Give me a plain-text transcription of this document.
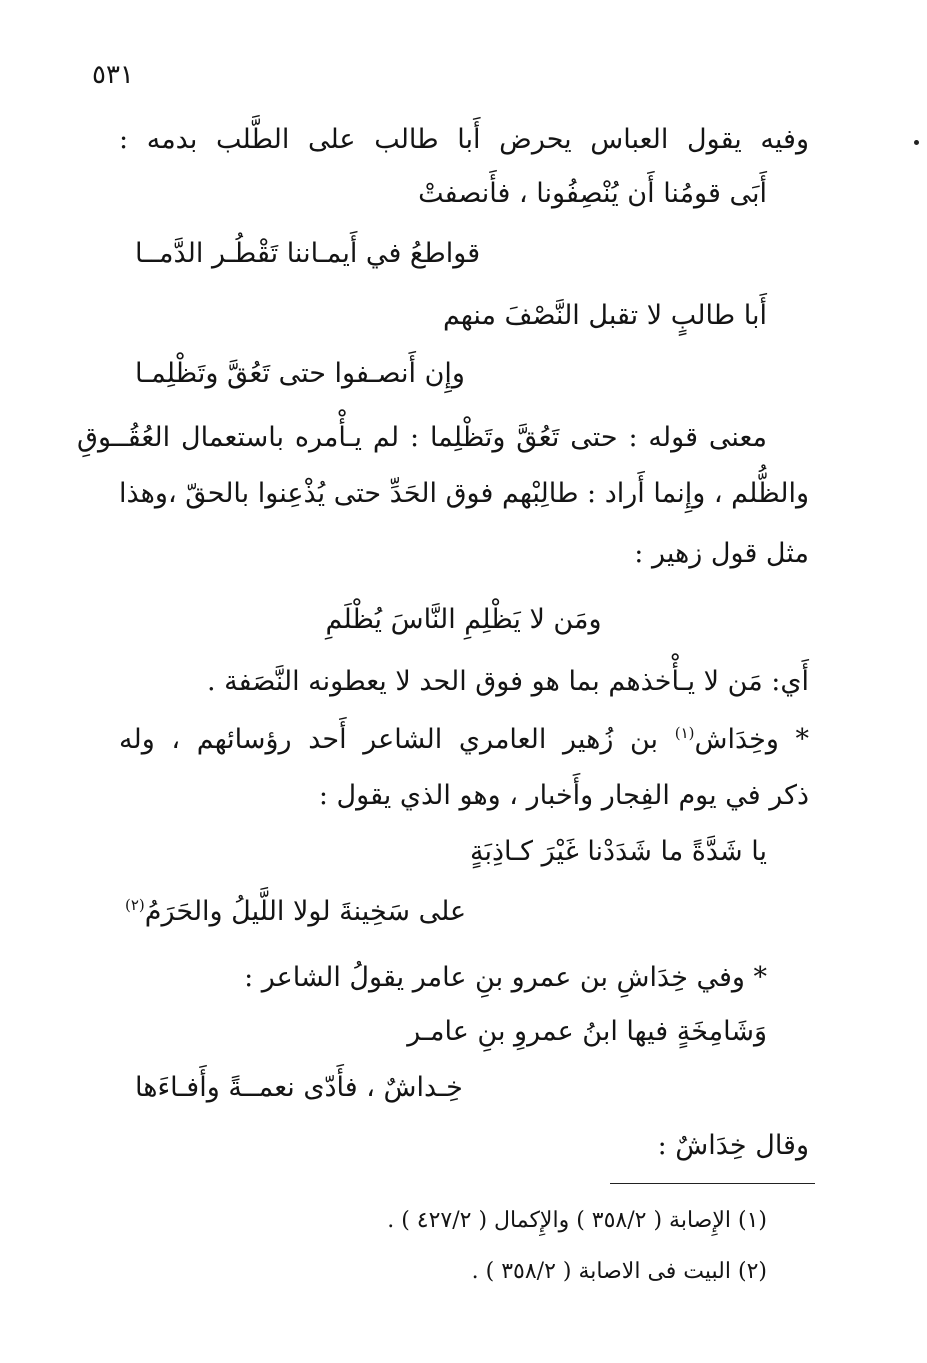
٥٣١
وفيه يقول العباس يحرض أَبا طالب على الطَّلب بدمه :
أَبَى قومُنا أَن يُنْصِفُونا ، فأَنصفتْ
قواطعُ في أَيمـاننا تَقْطُـر الدَّمــا
أَبا طالبٍ لا تقبل النَّصْفَ منهم
وإِن أَنصـفوا حتى تَعُقَّ وتَظْلِمـا
معنى قوله : حتى تَعُقَّ وتَظْلِما : لم يـأْمره باستعمال العُقُــوقِ
والظُّلم ، وإِنما أَراد : طالِبْهم فوق الحَدِّ حتى يُذْعِنوا بالحقّ ،وهذا
مثل قول زهير :
ومَن لا يَظْلِمِ النَّاسَ يُظْلَمِ
أَي: مَن لا يـأْخذهم بما هو فوق الحد لا يعطونه النَّصَفة .
* وخِدَاش$^{(١)}$ بن زُهير العامري الشاعر أَحد رؤسائهم ، وله
ذكر في يوم الفِجار وأَخبار ، وهو الذي يقول :
يا شَدَّةً ما شَدَدْنا غَيْرَ كـاذِبَةٍ
على سَخِينةَ لولا اللَّيلُ والحَرَمُ$^{(٢)}$
* وفي خِدَاشِ بن عمرو بنِ عامر يقولُ الشاعر :
وَشَامِخَةٍ فيها ابنُ عمروِ بنِ عامـر
خِـداشٌ ، فأَدّى نعمــةً وأَفـاءَها
وقال خِدَاشٌ :
(١) الإِصابة ( ٣٥٨/٢ ) والإِكمال ( ٤٢٧/٢ ) .
(٢) البيت فى الاصابة ( ٣٥٨/٢ ) .
